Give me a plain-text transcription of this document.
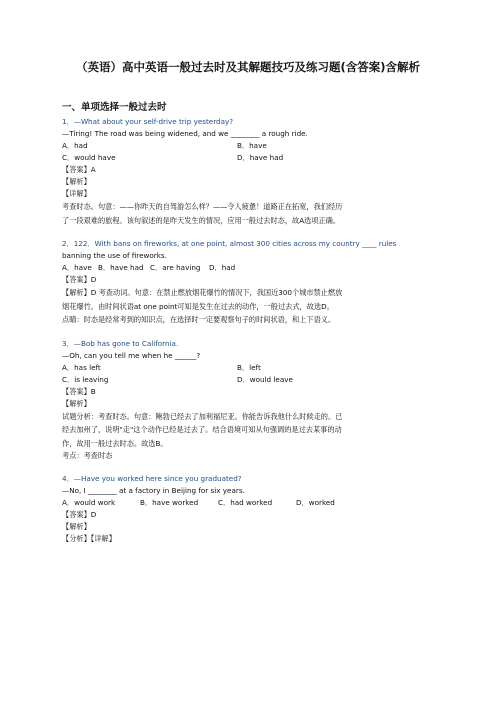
（英语）高中英语一般过去时及其解题技巧及练习题(含答案)含解析
一、单项选择一般过去时

1．—What about your self-drive trip yesterday?

—Tiring! The road was being widened, and we ________ a rough ride.

A．had	B．have
C．would have	D．have had

【答案】A

【解析】

【详解】

考查时态。句意：——你昨天的自驾游怎么样？——令人疲惫！道路正在拓宽，我们经历

了一段艰难的旅程。该句叙述的是昨天发生的情况，应用一般过去时态，故A选项正确。

2．122．With bans on fireworks, at one point, almost 300 cities across my country ____ rules

banning the use of fireworks.

A．have B．have had C．are having	D．had

【答案】D

【解析】D 考查动词。句意：在禁止燃放烟花爆竹的情况下，我国近300个城市禁止燃放

烟花爆竹。由时间状语at one point可知是发生在过去的动作，一般过去式，故选D。

点睛：时态是经常考到的知识点，在选择时一定要观察句子的时间状语，和上下语义。

3．—Bob has gone to California.

—Oh, can you tell me when he ______?

A．has left	B．left
C．is leaving	D．would leave

【答案】B

【解析】

试题分析：考查时态。句意：鲍勃已经去了加利福尼亚。你能告诉我他什么时候走的。已

经去加州了，说明"走"这个动作已经是过去了。结合语境可知从句强调的是过去某事的动

作，故用一般过去时态。故选B。

考点：考查时态

4．—Have you worked here since you graduated?

—No, I ________ at a factory in Beijing for six years.

A．would work	B．have worked	C．had worked	D．worked

【答案】D

【解析】

【分析】【详解】
